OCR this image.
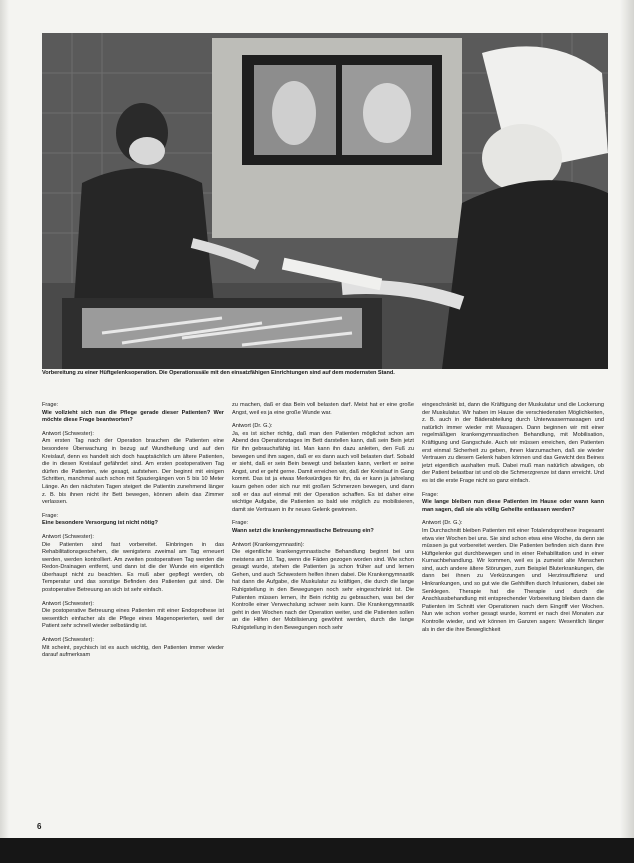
Vorbereitung zu einer Hüftgelenksoperation. Die Operationssäle mit den einsatzfähigen Einrichtungen sind auf dem modernsten Stand.
Frage:

Wie vollzieht sich nun die Pflege gerade dieser Patienten? Wer möchte diese Frage beantworten?

Antwort (Schwester):

Am ersten Tag nach der Operation brauchen die Patienten eine besondere Überwachung in bezug auf Wundheilung und auf den Kreislauf, denn es handelt sich doch hauptsächlich um ältere Patienten, die in diesen Kreislauf gefährdet sind. Am ersten postoperativen Tag dürfen die Patienten, wie gesagt, aufstehen. Der beginnt mit einigen Schritten, manchmal auch schon mit Spaziergängen von 5 bis 10 Meter Länge. An den nächsten Tagen steigert die Patientin zunehmend länger z. B. bis ihnen nicht ihr Bett bewegen, können allein das Zimmer verlassen.

Frage:

Eine besondere Versorgung ist nicht nötig?

Antwort (Schwester):

Die Patienten sind fast vorbereitet. Einbringen in das Rehabilitationsgeschehen, die wenigstens zweimal am Tag erneuert werden, werden kontrolliert. Am zweiten postoperativen Tag werden die Redon-Drainagen entfernt, und dann ist die der Wunde ein eigentlich überhaupt nicht zu beachten. Es muß aber gepflegt werden, ob Temperatur und das sonstige Befinden des Patienten gut sind. Die postoperative Betreuung an sich ist sehr einfach.

Antwort (Schwester):

Die postoperative Betreuung eines Patienten mit einer Endoprothese ist wesentlich einfacher als die Pflege eines Magenoperierten, weil der Patient sehr schnell wieder selbständig ist.

Antwort (Schwester):

Mit scheint, psychisch ist es auch wichtig, den Patienten immer wieder darauf aufmerksam

zu machen, daß er das Bein voll belasten darf. Meist hat er eine große Angst, weil es ja eine große Wunde war.

Antwort (Dr. G.):

Ja, es ist sicher richtig, daß man den Patienten möglichst schon am Abend des Operationstages im Bett darstellen kann, daß sein Bein jetzt für ihn gebrauchsfähig ist. Man kann ihn dazu anleiten, den Fuß zu bewegen und ihm sagen, daß er es dann auch voll belasten darf. Sobald er sieht, daß er sein Bein bewegt und belasten kann, verliert er seine Angst, und er geht gerne. Damit erreichen wir, daß der Kreislauf in Gang kommt. Das ist ja etwas Merkwürdiges für ihn, da er kann ja jahrelang kaum gehen oder sich nur mit großen Schmerzen bewegen, und dann soll er das auf einmal mit der Operation schaffen. Es ist daher eine wichtige Aufgabe, die Patienten so bald wie möglich zu mobilisieren, damit sie Vertrauen in ihr neues Gelenk gewinnen.

Frage:

Wann setzt die krankengymnastische Betreuung ein?

Antwort (Krankengymnastin):

Die eigentliche krankengymnastische Behandlung beginnt bei uns meistens am 10. Tag, wenn die Fäden gezogen worden sind. Wie schon gesagt wurde, stehen die Patienten ja schon früher auf und lernen Gehen, und auch Schwestern helfen ihnen dabei. Die Krankengymnastik hat dann die Aufgabe, die Muskulatur zu kräftigen, die durch die lange Ruhigstellung in den Bewegungen noch sehr eingeschränkt ist. Die Patienten müssen lernen, ihr Bein richtig zu gebrauchen, was bei der Kontrolle einer Verwechslung schwer sein kann. Die Krankengymnastik geht in den Wochen nach der Operation weiter, und die Patienten sollen an die Hilfen der Mobilisierung gewöhnt werden, durch die lange Ruhigstellung in den Bewegungen noch sehr

eingeschränkt ist, dann die Kräftigung der Muskulatur und die Lockerung der Muskulatur. Wir haben im Hause die verschiedensten Möglichkeiten, z. B. auch in der Bäderabteilung durch Unterwassermassagen und natürlich immer wieder mit Massagen. Dann beginnen wir mit einer regelmäßigen krankengymnastischen Behandlung, mit Mobilisation, Kräftigung und Gangschule. Auch wir müssen erreichen, den Patienten erst einmal Sicherheit zu geben, ihnen klarzumachen, daß sie wieder Vertrauen zu diesem Gelenk haben können und das Gewicht des Beines jetzt eigentlich aushalten muß. Dabei muß man natürlich abwägen, ob der Patient belastbar ist und ob die Schmerzgrenze ist dann erreicht. Und es ist die erste Frage nicht so ganz einfach.

Frage:

Wie lange bleiben nun diese Patienten im Hause oder wann kann man sagen, daß sie als völlig Geheilte entlassen werden?

Antwort (Dr. G.):

Im Durchschnitt bleiben Patienten mit einer Totalendoprothese insgesamt etwa vier Wochen bei uns. Sie sind schon etwa eine Woche, da denn sie müssen ja gut vorbereitet werden. Die Patienten befinden sich dann ihre Hüftgelenke gut durchbewegen und in einer Rehabilitation und in einer Kurnachbehandlung. Wir kommen, weil es ja zumeist alte Menschen sind, auch andere ältere Störungen, zum Beispiel Bluterkrankungen, die dann bei ihnen zu Verkürzungen und Herzinsuffizienz und Hinkrankungen, und so gut wie die Gehhilfen durch Infusionen, dabei sie Senklegen. Therapie hat die Therapie und durch die Anschlussbehandlung mit entsprechender Vorbereitung bleiben dann die Patienten im Schnitt vier Operationen nach dem Eingriff vier Wochen. Nun wie schon vorher gesagt wurde, kommt er nach drei Monaten zur Kontrolle wieder, und wir können im Ganzen sagen: Wesentlich länger als in der die ihre Beweglichkeit

6
